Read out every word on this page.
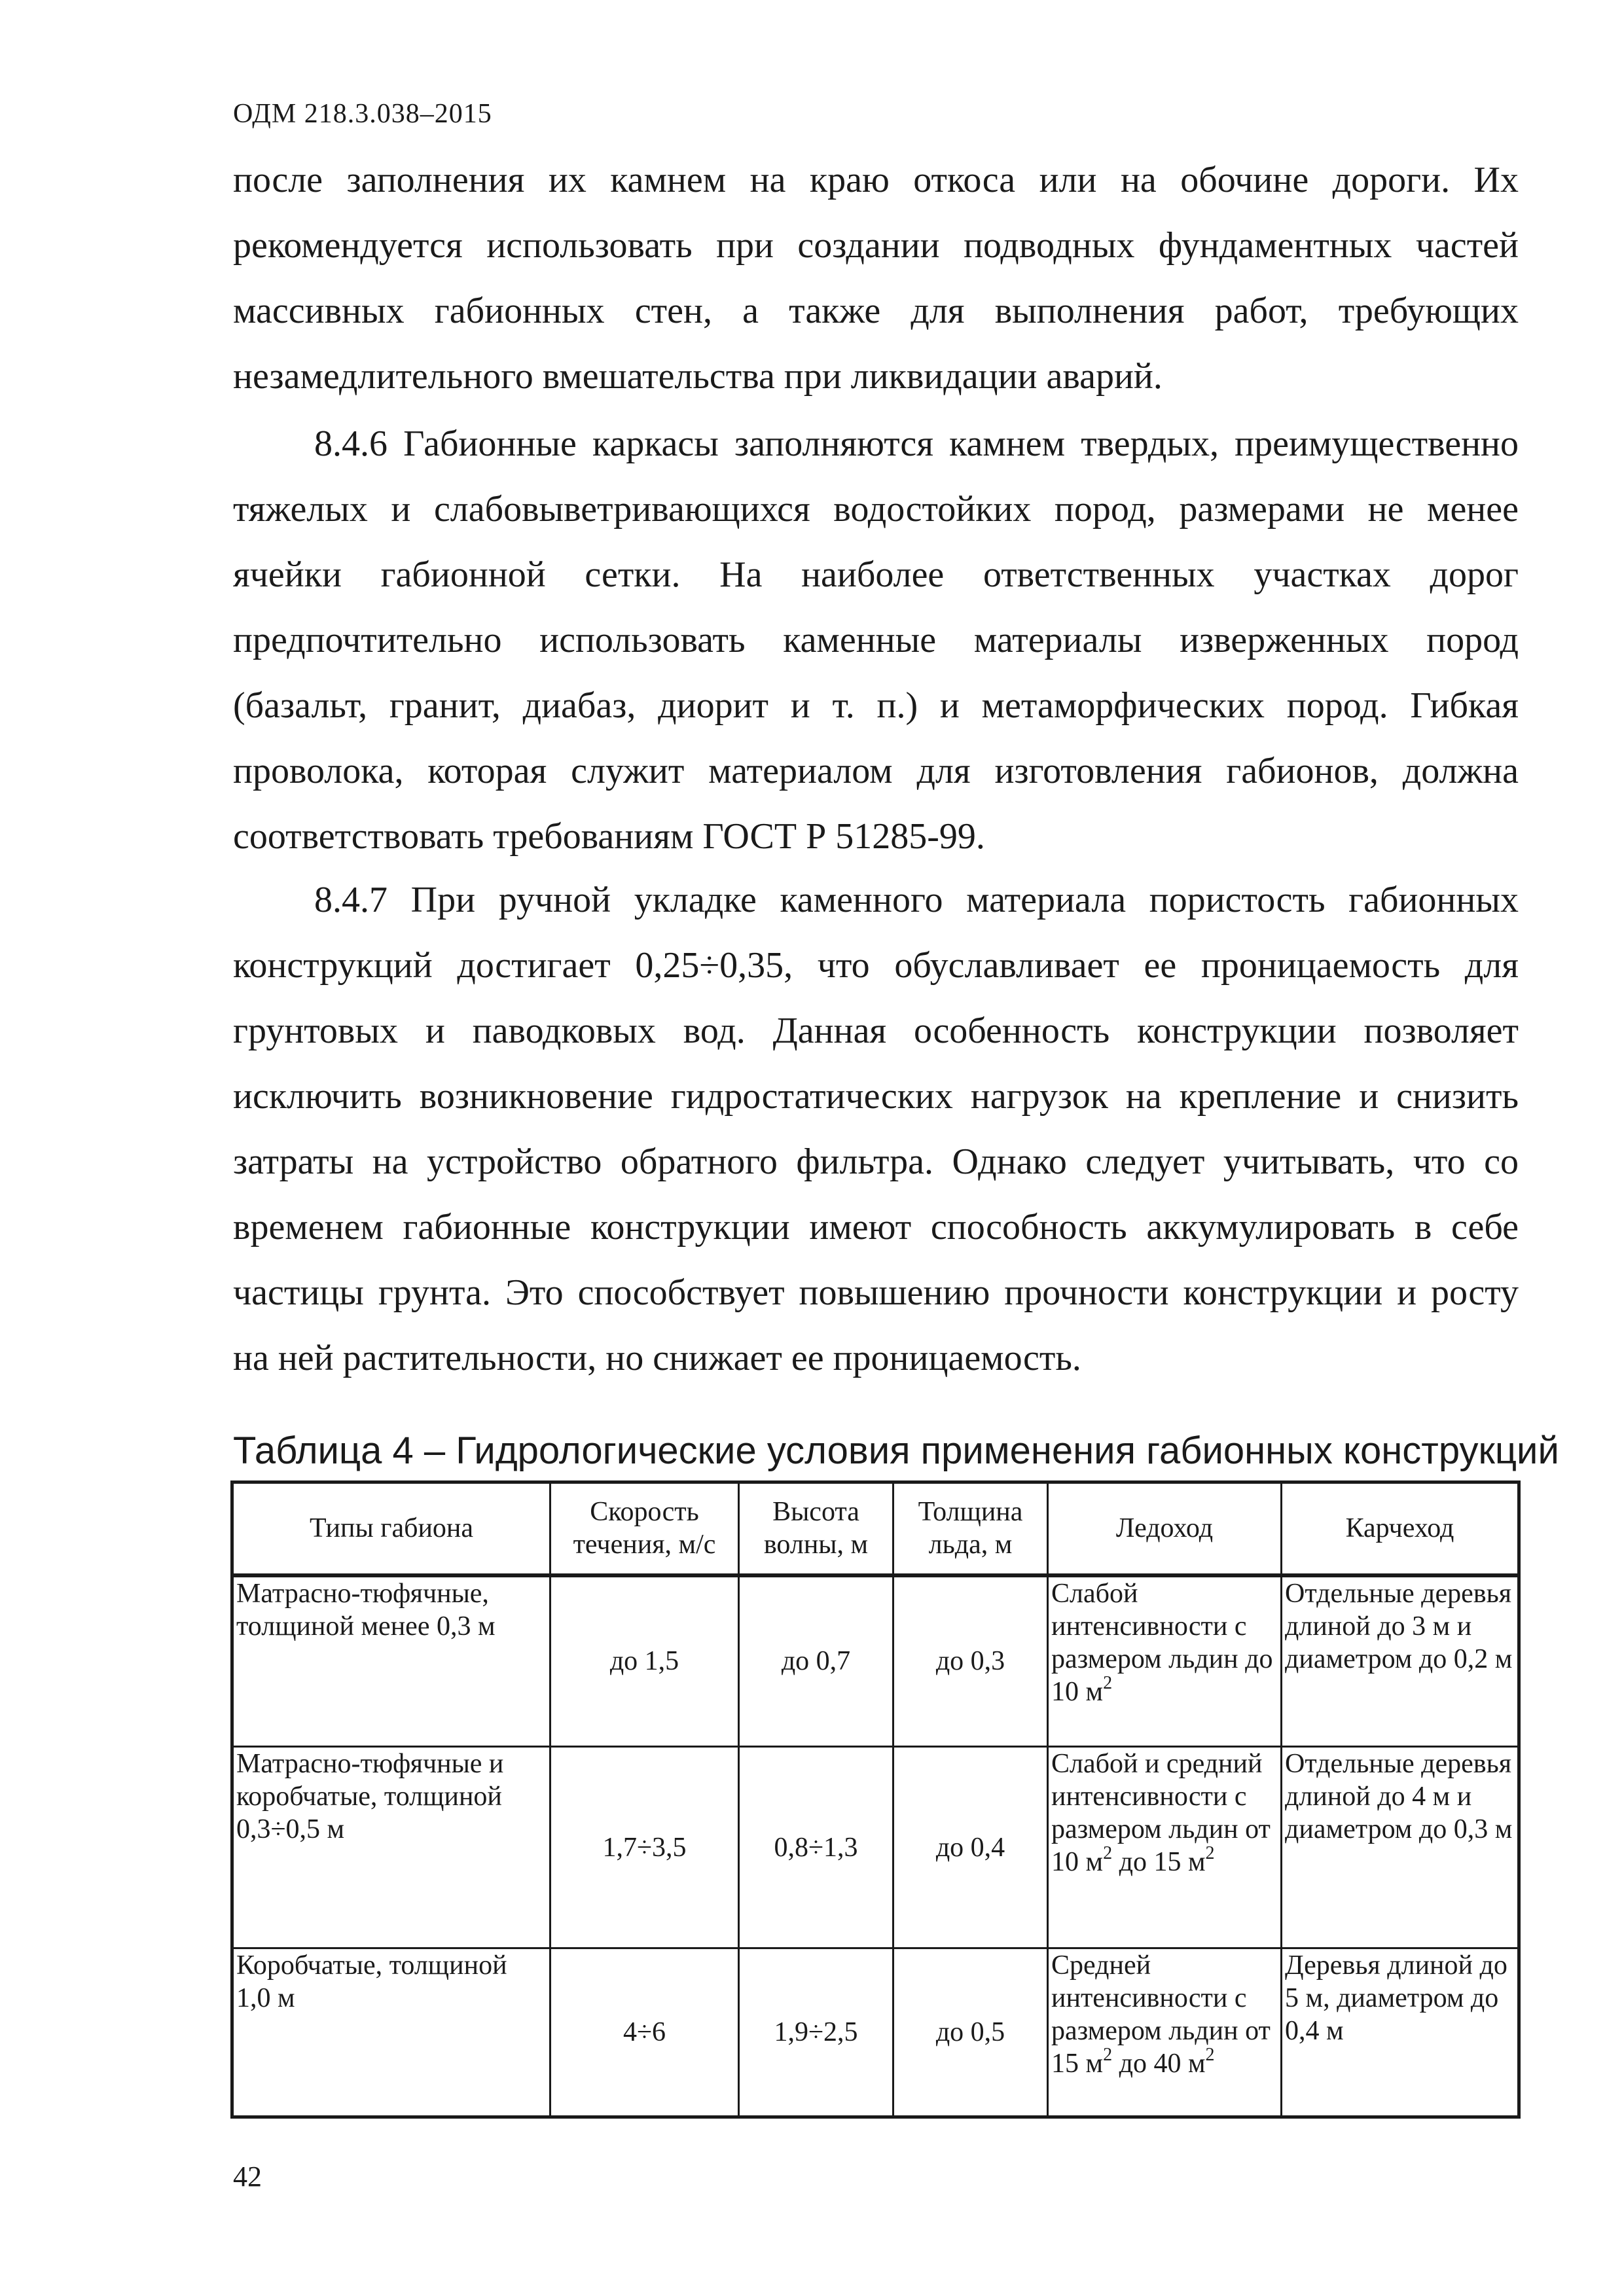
ОДМ 218.3.038–2015

после заполнения их камнем на краю откоса или на обочине дороги. Их рекомендуется использовать при создании подводных фундаментных частей массивных габионных стен, а также для выполнения работ, требующих незамедлительного вмешательства при ликвидации аварий.

8.4.6 Габионные каркасы заполняются камнем твердых, преимущественно тяжелых и слабовыветривающихся водостойких пород, размерами не менее ячейки габионной сетки. На наиболее ответственных участках дорог предпочтительно использовать каменные материалы изверженных пород (базальт, гранит, диабаз, диорит и т. п.) и метаморфических пород. Гибкая проволока, которая служит материалом для изготовления габионов, должна соответствовать требованиям ГОСТ Р 51285-99.

8.4.7 При ручной укладке каменного материала пористость габионных конструкций достигает 0,25÷0,35, что обуславливает ее проницаемость для грунтовых и паводковых вод. Данная особенность конструкции позволяет исключить возникновение гидростатических нагрузок на крепление и снизить затраты на устройство обратного фильтра. Однако следует учитывать, что со временем габионные конструкции имеют способность аккумулировать в себе частицы грунта. Это способствует повышению прочности конструкции и росту на ней растительности, но снижает ее проницаемость.

Таблица 4 – Гидрологические условия применения габионных конструкций
Типы габиона	Скорость течения, м/с	Высота волны, м	Толщина льда, м	Ледоход	Карчеход
Матрасно-тюфячные, толщиной менее 0,3 м	до 1,5	до 0,7	до 0,3	Слабой интенсивности с размером льдин до 10 $м^2$	Отдельные деревья длиной до 3 м и диаметром до 0,2 м
Матрасно-тюфячные и коробчатые, толщиной 0,3÷0,5 м	1,7÷3,5	0,8÷1,3	до 0,4	Слабой и средний интенсивности с размером льдин от 10 $м^2$ до 15 $м^2$	Отдельные деревья длиной до 4 м и диаметром до 0,3 м
Коробчатые, толщиной 1,0 м	4÷6	1,9÷2,5	до 0,5	Средней интенсивности с размером льдин от 15 $м^2$ до 40 $м^2$	Деревья длиной до 5 м, диаметром до 0,4 м
42
